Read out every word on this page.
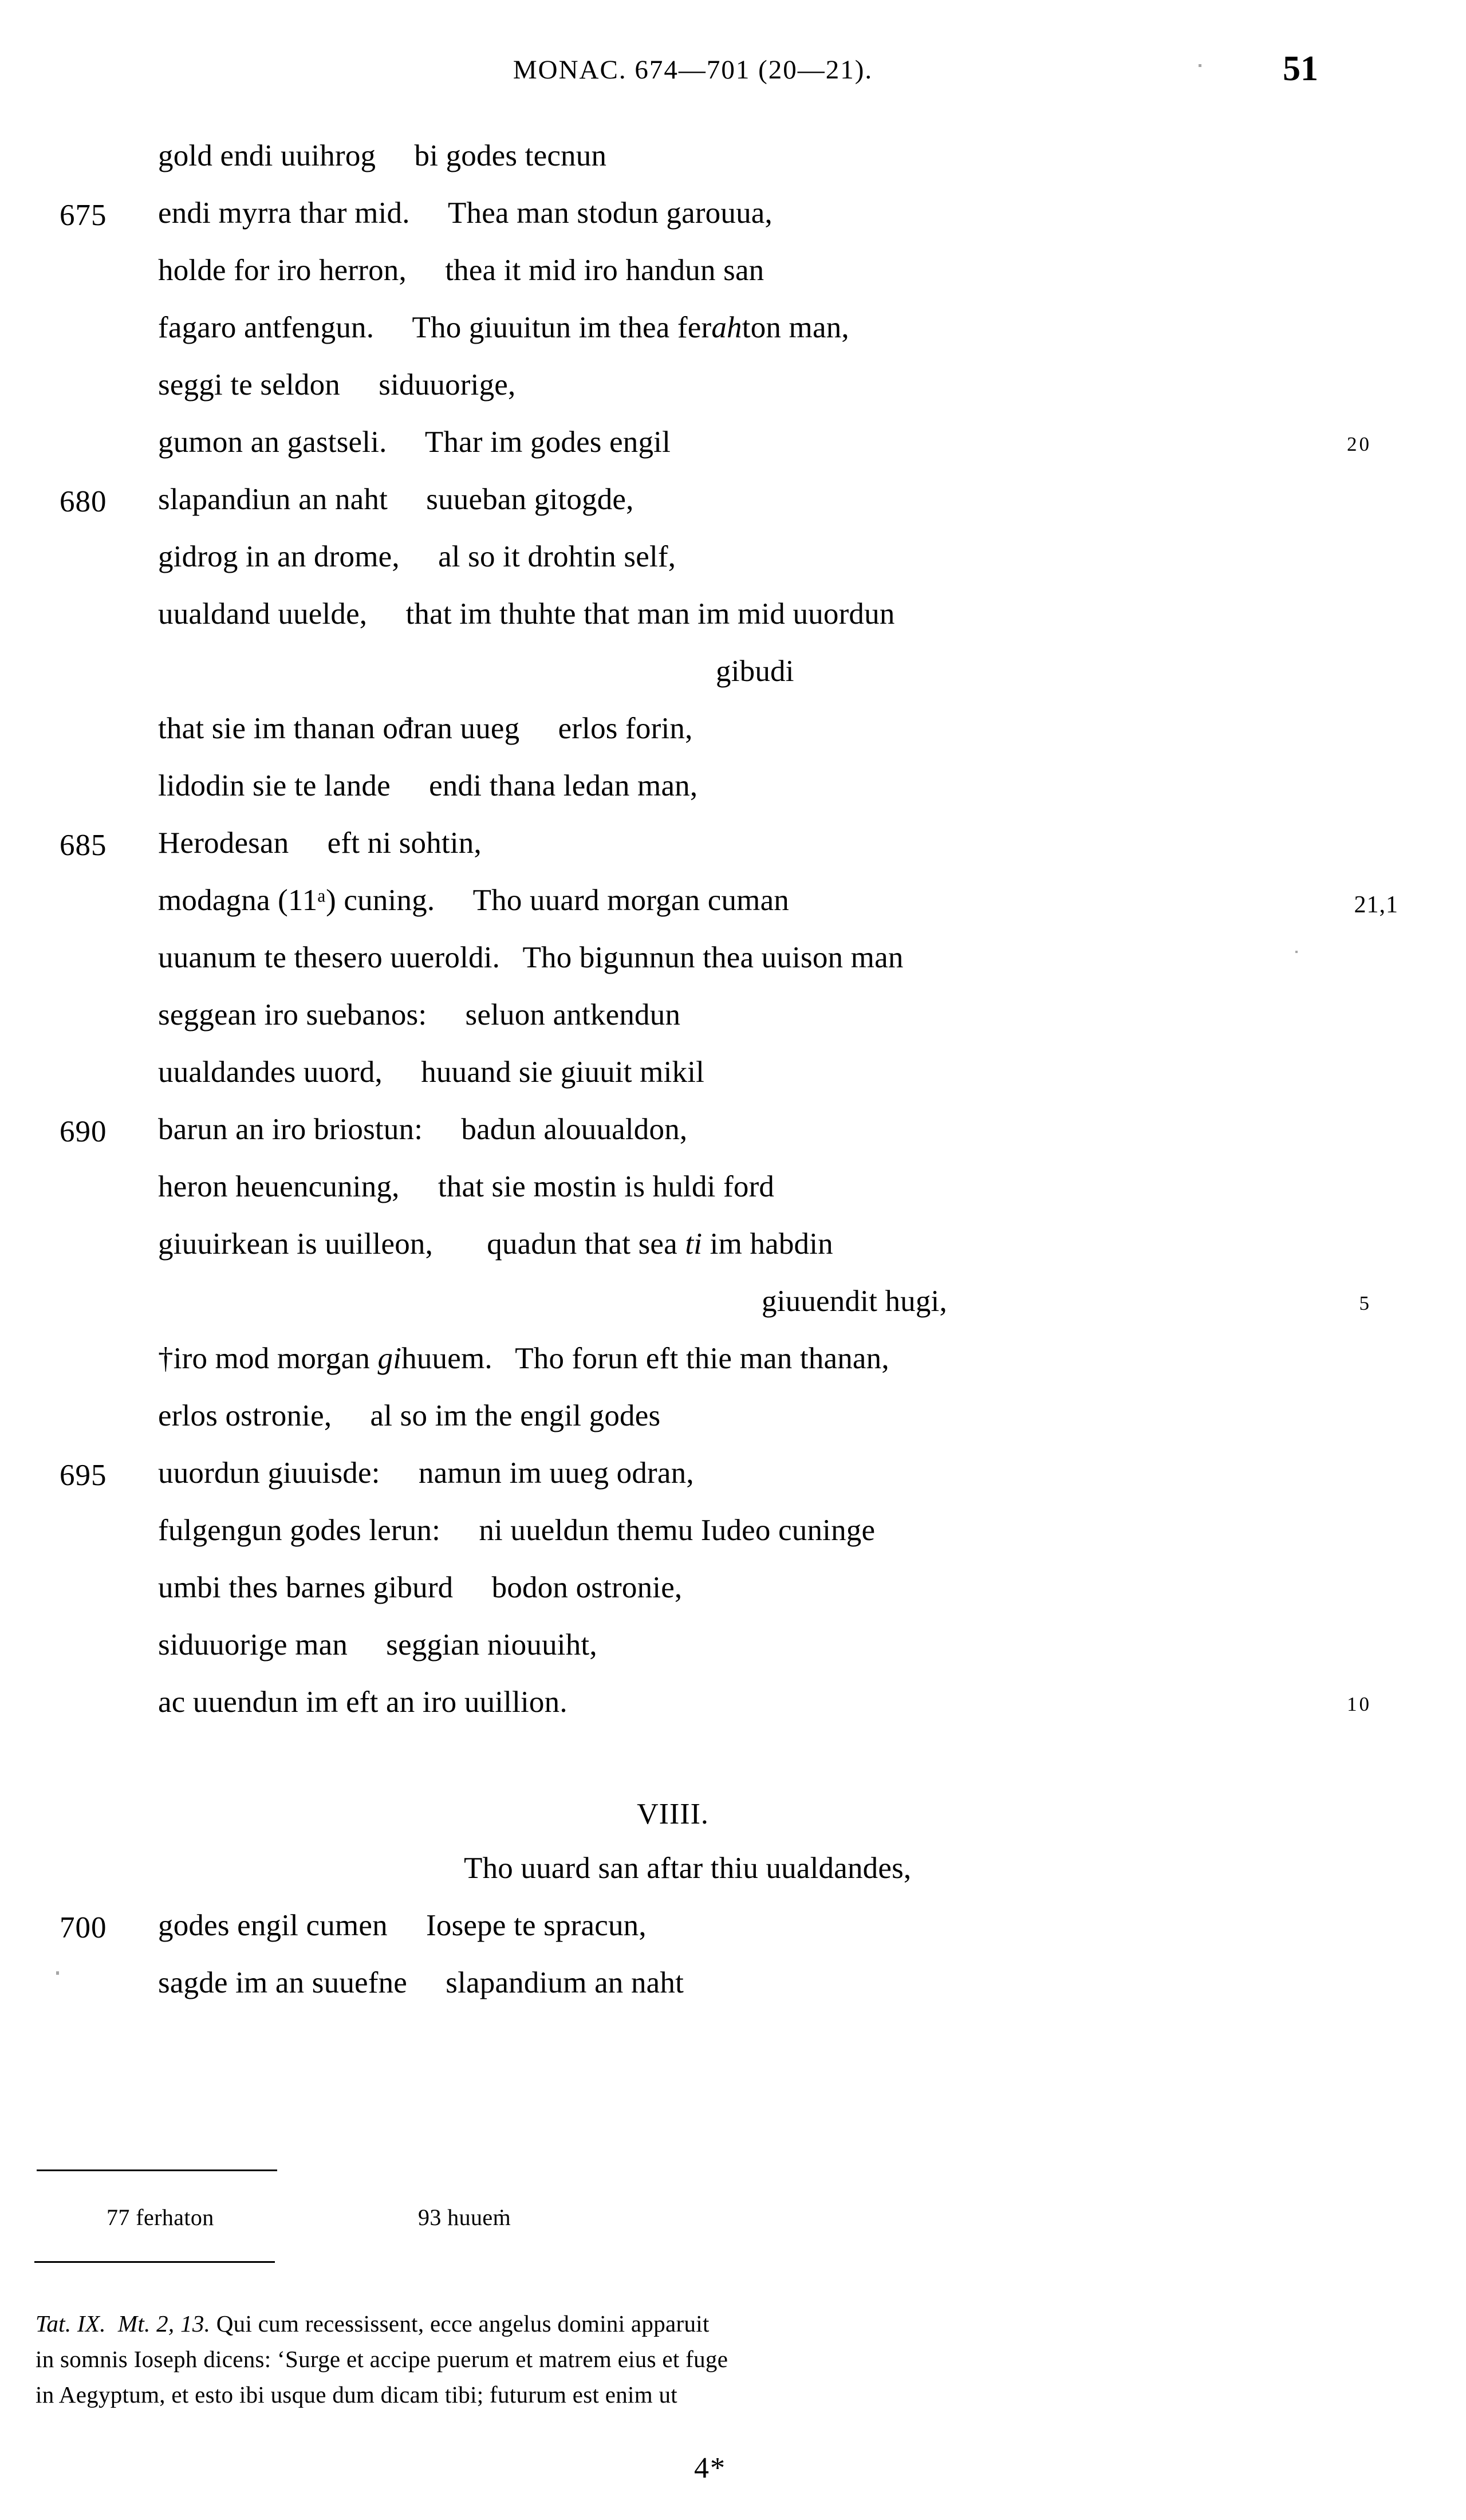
MONAC. 674—701 (20—21).	51
gold endi uuihrog     bi godes tecnun
675	endi myrra thar mid.     Thea man stodun garouua,
holde for iro herron,     thea it mid iro handun san
fagaro antfengun.     Tho giuuitun im thea ferahton man,
seggi te seldon     siduuorige,
gumon an gastseli.     Thar im godes engil	20
680	slapandiun an naht     suueban gitogde,
gidrog in an drome,     al so it drohtin self,
uualdand uuelde,     that im thuhte that man im mid uuordun
gibudi
that sie im thanan ođran uueg     erlos forin,
lidodin sie te lande     endi thana ledan man,
685	Herodesan     eft ni sohtin,
modagna (11ᵃ) cuning.     Tho uuard morgan cuman	21,1
uuanum te thesero uueroldi.   Tho bigunnun thea uuison man
seggean iro suebanos:     seluon antkendun
uualdandes uuord,     huuand sie giuuit mikil
690	barun an iro briostun:     badun alouualdon,
heron heuencuning,     that sie mostin is huldi ford
giuuirkean is uuilleon,       quadun that sea ti im habdin
giuuendit hugi,	5
†iro mod morgan gihuuem.   Tho forun eft thie man thanan,
erlos ostronie,     al so im the engil godes
695	uuordun giuuisde:     namun im uueg odran,
fulgengun godes lerun:     ni uueldun themu Iudeo cuninge
umbi thes barnes giburd     bodon ostronie,
siduuorige man     seggian niouuiht,
ac uuendun im eft an iro uuillion.	10
VIIII.
Tho uuard san aftar thiu uualdandes,
700	godes engil cumen     Iosepe te spracun,
sagde im an suuefne     slapandium an naht

77 ferhaton

	93 huueṁ

Tat. IX. Mt. 2, 13. Qui cum recessissent, ecce angelus domini apparuit
in somnis Ioseph dicens: ‘Surge et accipe puerum et matrem eius et fuge
in Aegyptum, et esto ibi usque dum dicam tibi; futurum est enim ut
4*
